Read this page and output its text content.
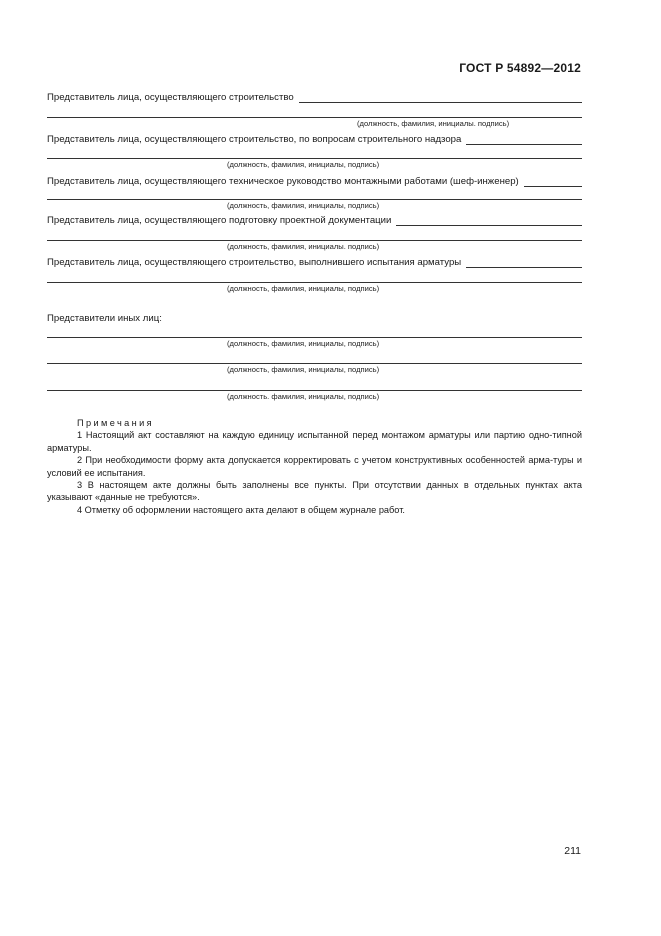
ГОСТ Р 54892—2012
Представитель лица, осуществляющего строительство
(должность, фамилия, инициалы. подпись)
Представитель лица, осуществляющего строительство, по вопросам строительного надзора
(должность, фамилия, инициалы, подпись)
Представитель лица, осуществляющего техническое руководство монтажными работами (шеф-инженер)
(должность, фамилия, инициалы, подпись)
Представитель лица, осуществляющего подготовку проектной документации
(должность, фамилия, инициалы. подпись)
Представитель лица, осуществляющего строительство, выполнившего испытания арматуры
(должность, фамилия, инициалы, подпись)
Представители иных лиц:
(должность, фамилия, инициалы, подпись)
(должность, фамилия, инициалы, подпись)
(должность. фамилия, инициалы, подпись)
Примечания

1 Настоящий акт составляют на каждую единицу испытанной перед монтажом арматуры или партию одно-типной арматуры.

2 При необходимости форму акта допускается корректировать с учетом конструктивных особенностей арма-туры и условий ее испытания.

3 В настоящем акте должны быть заполнены все пункты. При отсутствии данных в отдельных пунктах акта указывают «данные не требуются».

4 Отметку об оформлении настоящего акта делают в общем журнале работ.

211
